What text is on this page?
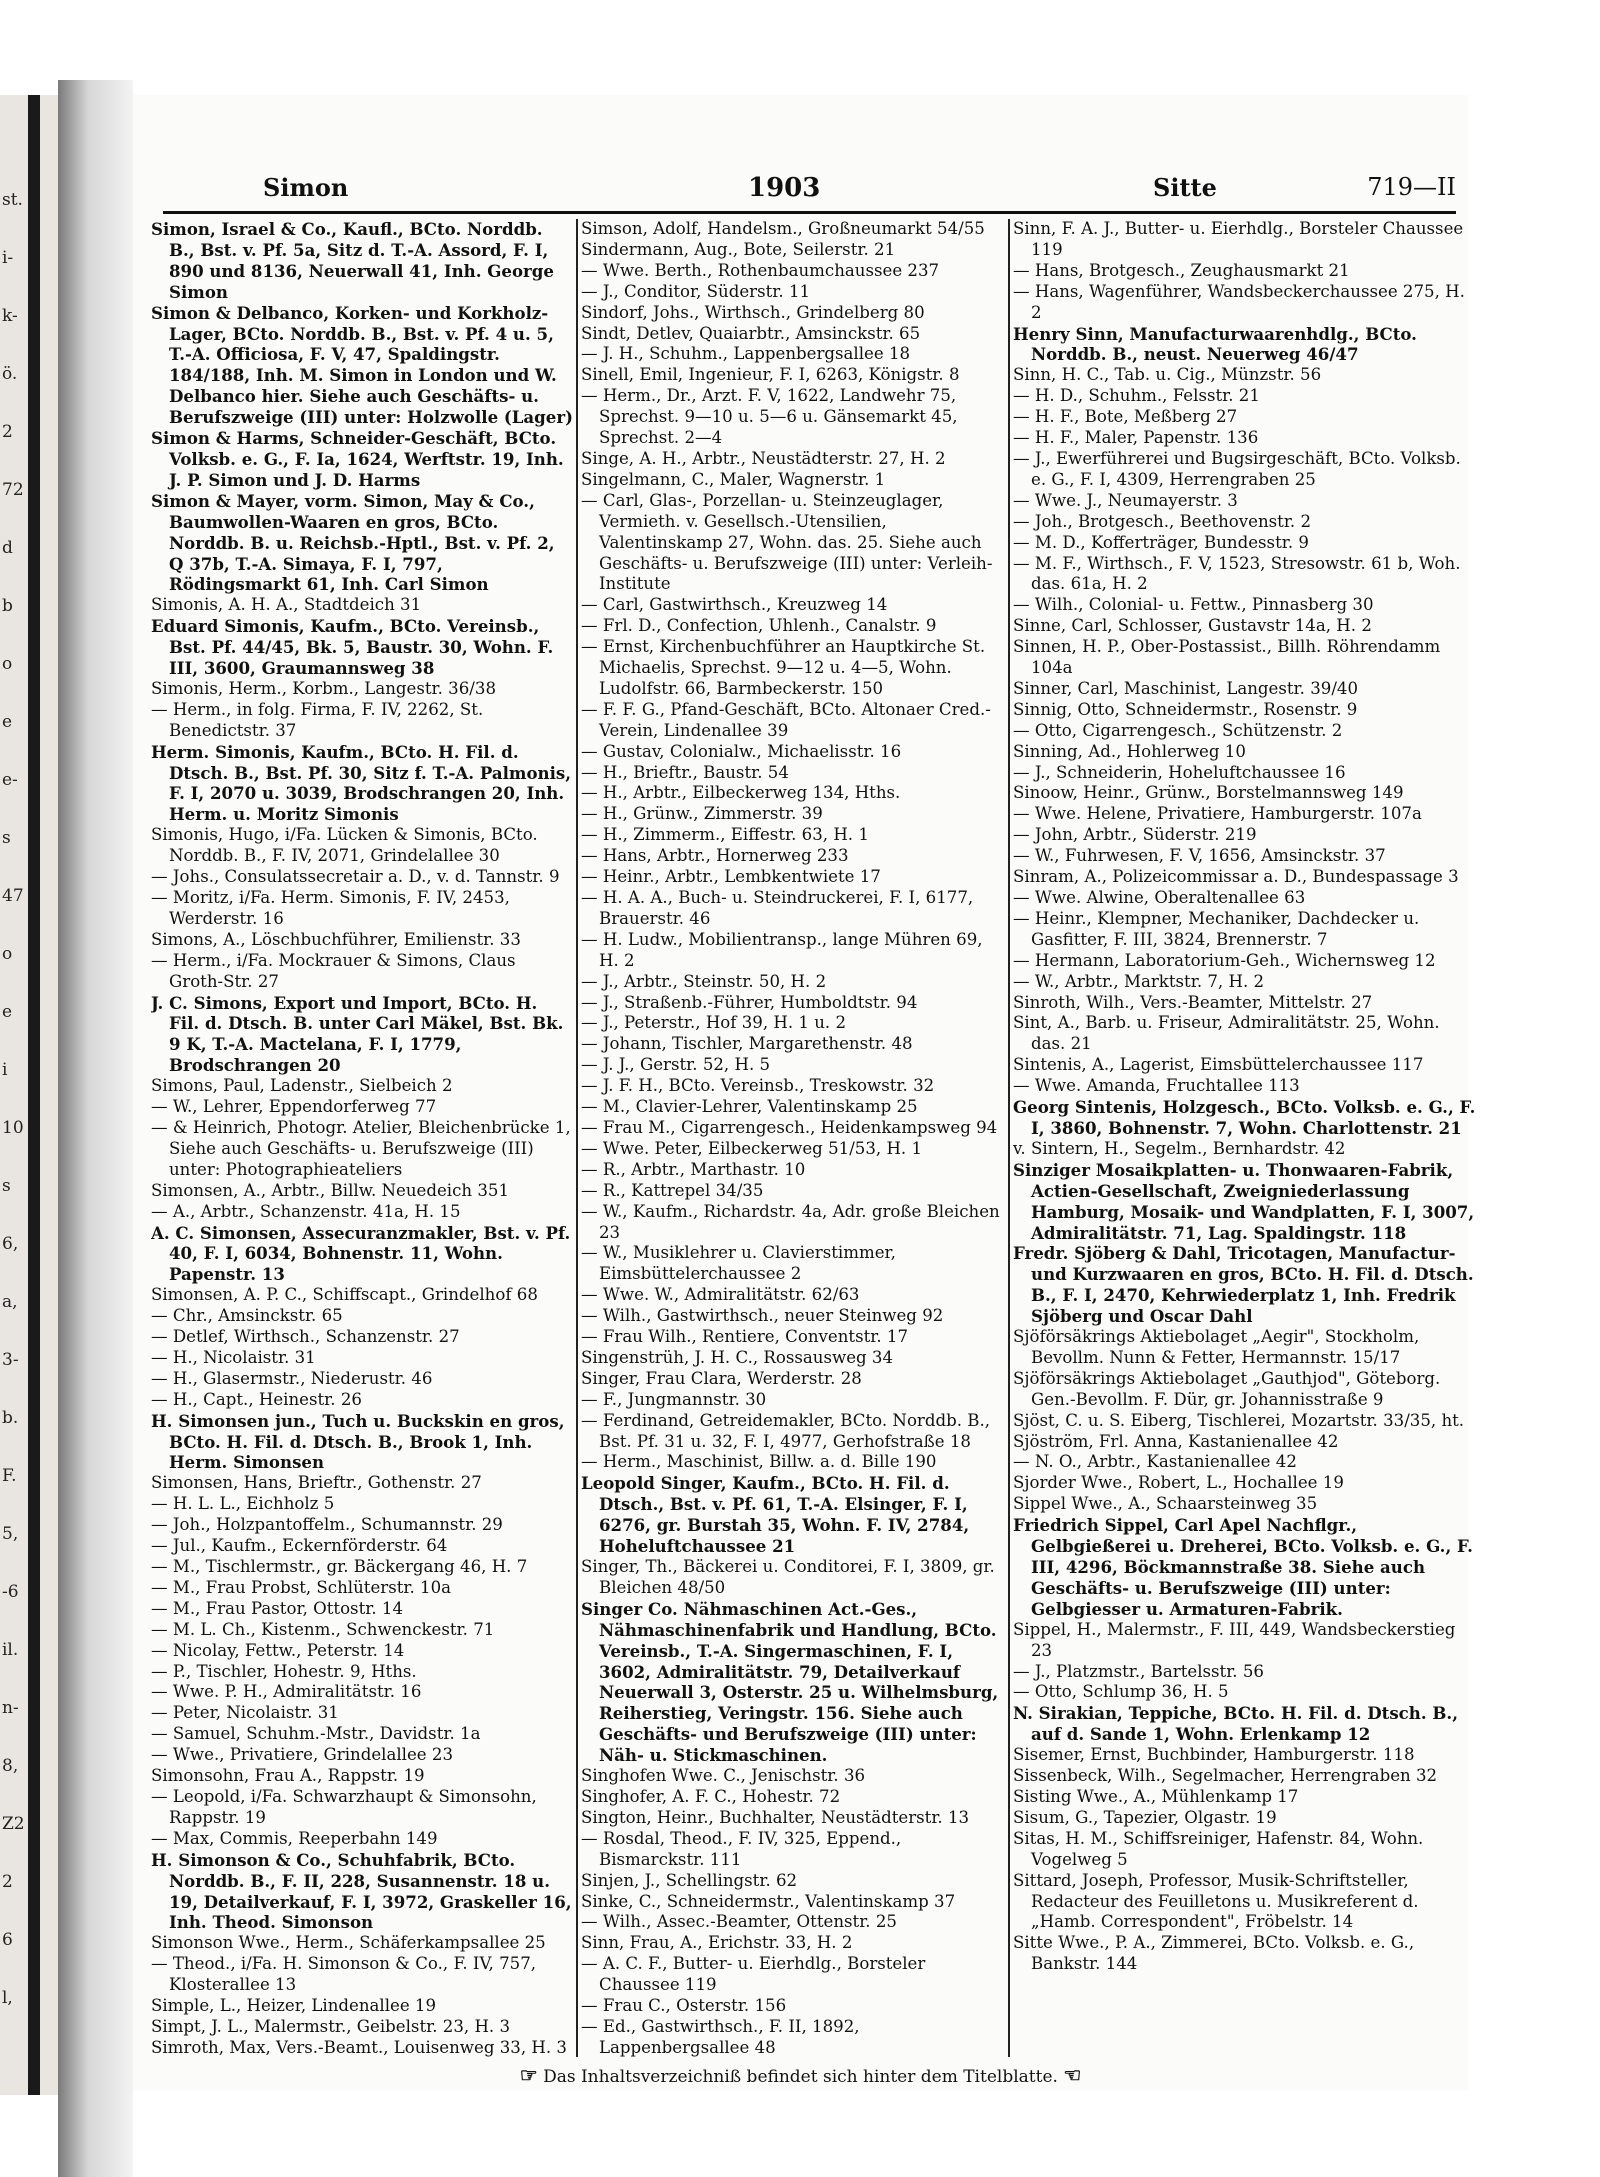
st.
i-
k-
ö.
2
72
d
b
o
e
e-
s
47
o
e
i
10
s
6,
a,
3-
b.
F.
5,
-6
il.
n-
8,
Z2
2
6
l,
Simon	1903	Sitte	719—II
Simon, Israel & Co., Kaufl., BCto. Norddb. B., Bst. v. Pf. 5a, Sitz d. T.-A. Assord, F. I, 890 und 8136, Neuerwall 41, Inh. George Simon
Simon & Delbanco, Korken- und Korkholz-Lager, BCto. Norddb. B., Bst. v. Pf. 4 u. 5, T.-A. Officiosa, F. V, 47, Spaldingstr. 184/188, Inh. M. Simon in London und W. Delbanco hier. Siehe auch Geschäfts- u. Berufszweige (III) unter: Holzwolle (Lager)
Simon & Harms, Schneider-Geschäft, BCto. Volksb. e. G., F. Ia, 1624, Werftstr. 19, Inh. J. P. Simon und J. D. Harms
Simon & Mayer, vorm. Simon, May & Co., Baumwollen-Waaren en gros, BCto. Norddb. B. u. Reichsb.-Hptl., Bst. v. Pf. 2, Q 37b, T.-A. Simaya, F. I, 797, Rödingsmarkt 61, Inh. Carl Simon
Simonis, A. H. A., Stadtdeich 31
Eduard Simonis, Kaufm., BCto. Vereinsb., Bst. Pf. 44/45, Bk. 5, Baustr. 30, Wohn. F. III, 3600, Graumannsweg 38
Simonis, Herm., Korbm., Langestr. 36/38
— Herm., in folg. Firma, F. IV, 2262, St. Benedictstr. 37
Herm. Simonis, Kaufm., BCto. H. Fil. d. Dtsch. B., Bst. Pf. 30, Sitz f. T.-A. Palmonis, F. I, 2070 u. 3039, Brodschrangen 20, Inh. Herm. u. Moritz Simonis
Simonis, Hugo, i/Fa. Lücken & Simonis, BCto. Norddb. B., F. IV, 2071, Grindelallee 30
— Johs., Consulatssecretair a. D., v. d. Tannstr. 9
— Moritz, i/Fa. Herm. Simonis, F. IV, 2453, Werderstr. 16
Simons, A., Löschbuchführer, Emilienstr. 33
— Herm., i/Fa. Mockrauer & Simons, Claus Groth-Str. 27
J. C. Simons, Export und Import, BCto. H. Fil. d. Dtsch. B. unter Carl Mäkel, Bst. Bk. 9 K, T.-A. Mactelana, F. I, 1779, Brodschrangen 20
Simons, Paul, Ladenstr., Sielbeich 2
— W., Lehrer, Eppendorferweg 77
— & Heinrich, Photogr. Atelier, Bleichenbrücke 1, Siehe auch Geschäfts- u. Berufszweige (III) unter: Photographieateliers
Simonsen, A., Arbtr., Billw. Neuedeich 351
— A., Arbtr., Schanzenstr. 41a, H. 15
A. C. Simonsen, Assecuranzmakler, Bst. v. Pf. 40, F. I, 6034, Bohnenstr. 11, Wohn. Papenstr. 13
Simonsen, A. P. C., Schiffscapt., Grindelhof 68
— Chr., Amsinckstr. 65
— Detlef, Wirthsch., Schanzenstr. 27
— H., Nicolaistr. 31
— H., Glasermstr., Niederustr. 46
— H., Capt., Heinestr. 26
H. Simonsen jun., Tuch u. Buckskin en gros, BCto. H. Fil. d. Dtsch. B., Brook 1, Inh. Herm. Simonsen
Simonsen, Hans, Brieftr., Gothenstr. 27
— H. L. L., Eichholz 5
— Joh., Holzpantoffelm., Schumannstr. 29
— Jul., Kaufm., Eckernförderstr. 64
— M., Tischlermstr., gr. Bäckergang 46, H. 7
— M., Frau Probst, Schlüterstr. 10a
— M., Frau Pastor, Ottostr. 14
— M. L. Ch., Kistenm., Schwenckestr. 71
— Nicolay, Fettw., Peterstr. 14
— P., Tischler, Hohestr. 9, Hths.
— Wwe. P. H., Admiralitätstr. 16
— Peter, Nicolaistr. 31
— Samuel, Schuhm.-Mstr., Davidstr. 1a
— Wwe., Privatiere, Grindelallee 23
Simonsohn, Frau A., Rappstr. 19
— Leopold, i/Fa. Schwarzhaupt & Simonsohn, Rappstr. 19
— Max, Commis, Reeperbahn 149
H. Simonson & Co., Schuhfabrik, BCto. Norddb. B., F. II, 228, Susannenstr. 18 u. 19, Detailverkauf, F. I, 3972, Graskeller 16, Inh. Theod. Simonson
Simonson Wwe., Herm., Schäferkampsallee 25
— Theod., i/Fa. H. Simonson & Co., F. IV, 757, Klosterallee 13
Simple, L., Heizer, Lindenallee 19
Simpt, J. L., Malermstr., Geibelstr. 23, H. 3
Simroth, Max, Vers.-Beamt., Louisenweg 33, H. 3
Simson, Adolf, Handelsm., Großneumarkt 54/55
Sindermann, Aug., Bote, Seilerstr. 21
— Wwe. Berth., Rothenbaumchaussee 237
— J., Conditor, Süderstr. 11
Sindorf, Johs., Wirthsch., Grindelberg 80
Sindt, Detlev, Quaiarbtr., Amsinckstr. 65
— J. H., Schuhm., Lappenbergsallee 18
Sinell, Emil, Ingenieur, F. I, 6263, Königstr. 8
— Herm., Dr., Arzt. F. V, 1622, Landwehr 75, Sprechst. 9—10 u. 5—6 u. Gänsemarkt 45, Sprechst. 2—4
Singe, A. H., Arbtr., Neustädterstr. 27, H. 2
Singelmann, C., Maler, Wagnerstr. 1
— Carl, Glas-, Porzellan- u. Steinzeuglager, Vermieth. v. Gesellsch.-Utensilien, Valentinskamp 27, Wohn. das. 25. Siehe auch Geschäfts- u. Berufszweige (III) unter: Verleih-Institute
— Carl, Gastwirthsch., Kreuzweg 14
— Frl. D., Confection, Uhlenh., Canalstr. 9
— Ernst, Kirchenbuchführer an Hauptkirche St. Michaelis, Sprechst. 9—12 u. 4—5, Wohn. Ludolfstr. 66, Barmbeckerstr. 150
— F. F. G., Pfand-Geschäft, BCto. Altonaer Cred.-Verein, Lindenallee 39
— Gustav, Colonialw., Michaelisstr. 16
— H., Brieftr., Baustr. 54
— H., Arbtr., Eilbeckerweg 134, Hths.
— H., Grünw., Zimmerstr. 39
— H., Zimmerm., Eiffestr. 63, H. 1
— Hans, Arbtr., Hornerweg 233
— Heinr., Arbtr., Lembkentwiete 17
— H. A. A., Buch- u. Steindruckerei, F. I, 6177, Brauerstr. 46
— H. Ludw., Mobilientransp., lange Mühren 69, H. 2
— J., Arbtr., Steinstr. 50, H. 2
— J., Straßenb.-Führer, Humboldtstr. 94
— J., Peterstr., Hof 39, H. 1 u. 2
— Johann, Tischler, Margarethenstr. 48
— J. J., Gerstr. 52, H. 5
— J. F. H., BCto. Vereinsb., Treskowstr. 32
— M., Clavier-Lehrer, Valentinskamp 25
— Frau M., Cigarrengesch., Heidenkampsweg 94
— Wwe. Peter, Eilbeckerweg 51/53, H. 1
— R., Arbtr., Marthastr. 10
— R., Kattrepel 34/35
— W., Kaufm., Richardstr. 4a, Adr. große Bleichen 23
— W., Musiklehrer u. Clavierstimmer, Eimsbüttelerchaussee 2
— Wwe. W., Admiralitätstr. 62/63
— Wilh., Gastwirthsch., neuer Steinweg 92
— Frau Wilh., Rentiere, Conventstr. 17
Singenstrüh, J. H. C., Rossausweg 34
Singer, Frau Clara, Werderstr. 28
— F., Jungmannstr. 30
— Ferdinand, Getreidemakler, BCto. Norddb. B., Bst. Pf. 31 u. 32, F. I, 4977, Gerhofstraße 18
— Herm., Maschinist, Billw. a. d. Bille 190
Leopold Singer, Kaufm., BCto. H. Fil. d. Dtsch., Bst. v. Pf. 61, T.-A. Elsinger, F. I, 6276, gr. Burstah 35, Wohn. F. IV, 2784, Hoheluftchaussee 21
Singer, Th., Bäckerei u. Conditorei, F. I, 3809, gr. Bleichen 48/50
Singer Co. Nähmaschinen Act.-Ges., Nähmaschinenfabrik und Handlung, BCto. Vereinsb., T.-A. Singermaschinen, F. I, 3602, Admiralitätstr. 79, Detailverkauf Neuerwall 3, Osterstr. 25 u. Wilhelmsburg, Reiherstieg, Veringstr. 156. Siehe auch Geschäfts- und Berufszweige (III) unter: Näh- u. Stickmaschinen.
Singhofen Wwe. C., Jenischstr. 36
Singhofer, A. F. C., Hohestr. 72
Sington, Heinr., Buchhalter, Neustädterstr. 13
— Rosdal, Theod., F. IV, 325, Eppend., Bismarckstr. 111
Sinjen, J., Schellingstr. 62
Sinke, C., Schneidermstr., Valentinskamp 37
— Wilh., Assec.-Beamter, Ottenstr. 25
Sinn, Frau, A., Erichstr. 33, H. 2
— A. C. F., Butter- u. Eierhdlg., Borsteler Chaussee 119
— Frau C., Osterstr. 156
— Ed., Gastwirthsch., F. II, 1892, Lappenbergsallee 48
Sinn, F. A. J., Butter- u. Eierhdlg., Borsteler Chaussee 119
— Hans, Brotgesch., Zeughausmarkt 21
— Hans, Wagenführer, Wandsbeckerchaussee 275, H. 2
Henry Sinn, Manufacturwaarenhdlg., BCto. Norddb. B., neust. Neuerweg 46/47
Sinn, H. C., Tab. u. Cig., Münzstr. 56
— H. D., Schuhm., Felsstr. 21
— H. F., Bote, Meßberg 27
— H. F., Maler, Papenstr. 136
— J., Ewerführerei und Bugsirgeschäft, BCto. Volksb. e. G., F. I, 4309, Herrengraben 25
— Wwe. J., Neumayerstr. 3
— Joh., Brotgesch., Beethovenstr. 2
— M. D., Kofferträger, Bundesstr. 9
— M. F., Wirthsch., F. V, 1523, Stresowstr. 61 b, Woh. das. 61a, H. 2
— Wilh., Colonial- u. Fettw., Pinnasberg 30
Sinne, Carl, Schlosser, Gustavstr 14a, H. 2
Sinnen, H. P., Ober-Postassist., Billh. Röhrendamm 104a
Sinner, Carl, Maschinist, Langestr. 39/40
Sinnig, Otto, Schneidermstr., Rosenstr. 9
— Otto, Cigarrengesch., Schützenstr. 2
Sinning, Ad., Hohlerweg 10
— J., Schneiderin, Hoheluftchaussee 16
Sinoow, Heinr., Grünw., Borstelmannsweg 149
— Wwe. Helene, Privatiere, Hamburgerstr. 107a
— John, Arbtr., Süderstr. 219
— W., Fuhrwesen, F. V, 1656, Amsinckstr. 37
Sinram, A., Polizeicommissar a. D., Bundespassage 3
— Wwe. Alwine, Oberaltenallee 63
— Heinr., Klempner, Mechaniker, Dachdecker u. Gasfitter, F. III, 3824, Brennerstr. 7
— Hermann, Laboratorium-Geh., Wichernsweg 12
— W., Arbtr., Marktstr. 7, H. 2
Sinroth, Wilh., Vers.-Beamter, Mittelstr. 27
Sint, A., Barb. u. Friseur, Admiralitätstr. 25, Wohn. das. 21
Sintenis, A., Lagerist, Eimsbüttelerchaussee 117
— Wwe. Amanda, Fruchtallee 113
Georg Sintenis, Holzgesch., BCto. Volksb. e. G., F. I, 3860, Bohnenstr. 7, Wohn. Charlottenstr. 21
v. Sintern, H., Segelm., Bernhardstr. 42
Sinziger Mosaikplatten- u. Thonwaaren-Fabrik, Actien-Gesellschaft, Zweigniederlassung Hamburg, Mosaik- und Wandplatten, F. I, 3007, Admiralitätstr. 71, Lag. Spaldingstr. 118
Fredr. Sjöberg & Dahl, Tricotagen, Manufactur- und Kurzwaaren en gros, BCto. H. Fil. d. Dtsch. B., F. I, 2470, Kehrwiederplatz 1, Inh. Fredrik Sjöberg und Oscar Dahl
Sjöförsäkrings Aktiebolaget „Aegir", Stockholm, Bevollm. Nunn & Fetter, Hermannstr. 15/17
Sjöförsäkrings Aktiebolaget „Gauthjod", Göteborg. Gen.-Bevollm. F. Dür, gr. Johannisstraße 9
Sjöst, C. u. S. Eiberg, Tischlerei, Mozartstr. 33/35, ht.
Sjöström, Frl. Anna, Kastanienallee 42
— N. O., Arbtr., Kastanienallee 42
Sjorder Wwe., Robert, L., Hochallee 19
Sippel Wwe., A., Schaarsteinweg 35
Friedrich Sippel, Carl Apel Nachflgr., Gelbgießerei u. Dreherei, BCto. Volksb. e. G., F. III, 4296, Böckmannstraße 38. Siehe auch Geschäfts- u. Berufszweige (III) unter: Gelbgiesser u. Armaturen-Fabrik.
Sippel, H., Malermstr., F. III, 449, Wandsbeckerstieg 23
— J., Platzmstr., Bartelsstr. 56
— Otto, Schlump 36, H. 5
N. Sirakian, Teppiche, BCto. H. Fil. d. Dtsch. B., auf d. Sande 1, Wohn. Erlenkamp 12
Sisemer, Ernst, Buchbinder, Hamburgerstr. 118
Sissenbeck, Wilh., Segelmacher, Herrengraben 32
Sisting Wwe., A., Mühlenkamp 17
Sisum, G., Tapezier, Olgastr. 19
Sitas, H. M., Schiffsreiniger, Hafenstr. 84, Wohn. Vogelweg 5
Sittard, Joseph, Professor, Musik-Schriftsteller, Redacteur des Feuilletons u. Musikreferent d. „Hamb. Correspondent", Fröbelstr. 14
Sitte Wwe., P. A., Zimmerei, BCto. Volksb. e. G., Bankstr. 144
☞ Das Inhaltsverzeichniß befindet sich hinter dem Titelblatte. ☜
